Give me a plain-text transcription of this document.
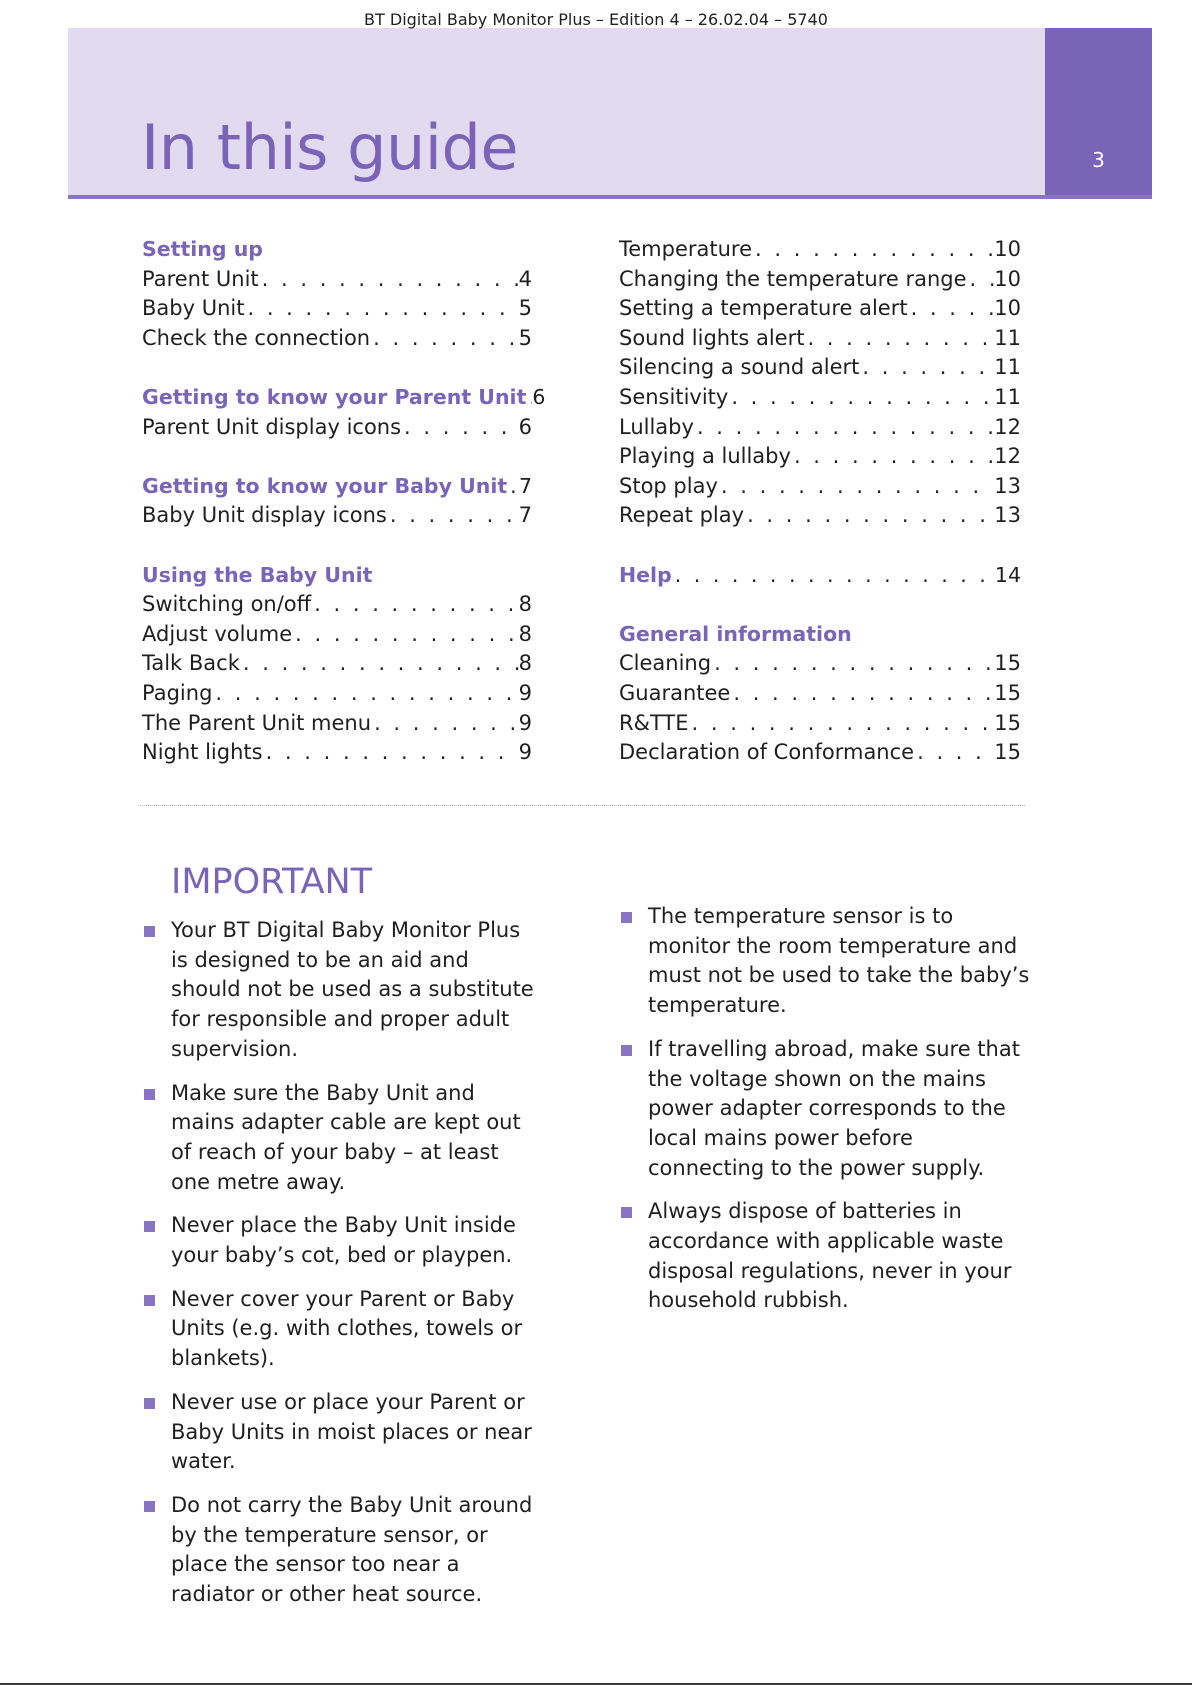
BT Digital Baby Monitor Plus – Edition 4 – 26.02.04 – 5740
In this guide	3
Setting up
Parent Unit . . .	4
Baby Unit . . .	5
Check the connection . . .	5
Getting to know your Parent Unit . . . 6
Parent Unit display icons . . .	6
Getting to know your Baby Unit . . . 7
Baby Unit display icons . . .	7
Using the Baby Unit
Switching on/off . . .	8
Adjust volume . . .	8
Talk Back . . .	8
Paging . . .	9
The Parent Unit menu . . .	9
Night lights . . .	9
Temperature . . .	10
Changing the temperature range . . . 10
Setting a temperature alert . . .	10
Sound lights alert . . .	11
Silencing a sound alert . . .	11
Sensitivity . . .	11
Lullaby . . .	12
Playing a lullaby . . .	12
Stop play . . .	13
Repeat play . . .	13
Help . . .	14
General information
Cleaning . . .	15
Guarantee . . .	15
R&TTE . . .	15
Declaration of Conformance . . .	15
IMPORTANT
Your BT Digital Baby Monitor Plus is designed to be an aid and should not be used as a substitute for responsible and proper adult supervision.
Make sure the Baby Unit and mains adapter cable are kept out of reach of your baby – at least one metre away.
Never place the Baby Unit inside your baby’s cot, bed or playpen.
Never cover your Parent or Baby Units (e.g. with clothes, towels or blankets).
Never use or place your Parent or Baby Units in moist places or near water.
Do not carry the Baby Unit around by the temperature sensor, or place the sensor too near a radiator or other heat source.
The temperature sensor is to monitor the room temperature and must not be used to take the baby’s temperature.
If travelling abroad, make sure that the voltage shown on the mains power adapter corresponds to the local mains power before connecting to the power supply.
Always dispose of batteries in accordance with applicable waste disposal regulations, never in your household rubbish.
